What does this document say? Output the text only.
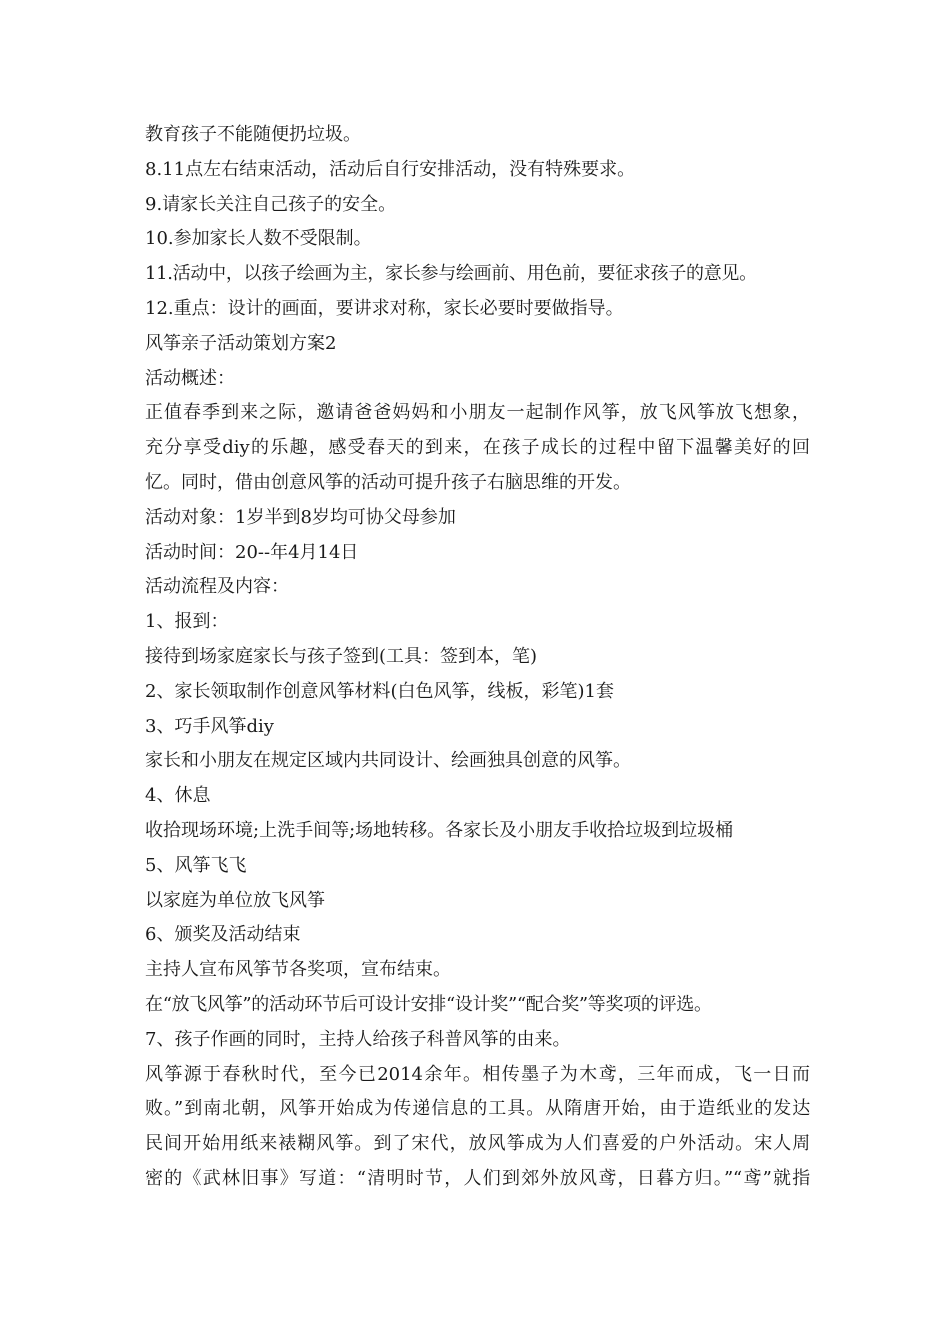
教育孩子不能随便扔垃圾。
8.11点左右结束活动，活动后自行安排活动，没有特殊要求。
9.请家长关注自己孩子的安全。
10.参加家长人数不受限制。
11.活动中，以孩子绘画为主，家长参与绘画前、用色前，要征求孩子的意见。
12.重点：设计的画面，要讲求对称，家长必要时要做指导。
风筝亲子活动策划方案2
活动概述：
正值春季到来之际，邀请爸爸妈妈和小朋友一起制作风筝，放飞风筝放飞想象，
充分享受diy的乐趣，感受春天的到来，在孩子成长的过程中留下温馨美好的回
忆。同时，借由创意风筝的活动可提升孩子右脑思维的开发。
活动对象：1岁半到8岁均可协父母参加
活动时间：20--年4月14日
活动流程及内容：
1、报到：
接待到场家庭家长与孩子签到(工具：签到本，笔)
2、家长领取制作创意风筝材料(白色风筝，线板，彩笔)1套
3、巧手风筝diy
家长和小朋友在规定区域内共同设计、绘画独具创意的风筝。
4、休息
收拾现场环境;上洗手间等;场地转移。各家长及小朋友手收拾垃圾到垃圾桶
5、风筝飞飞
以家庭为单位放飞风筝
6、颁奖及活动结束
主持人宣布风筝节各奖项，宣布结束。
在“放飞风筝”的活动环节后可设计安排“设计奖”“配合奖”等奖项的评选。
7、孩子作画的同时，主持人给孩子科普风筝的由来。
风筝源于春秋时代，至今已2014余年。相传墨子为木鸢，三年而成，飞一日而
败。”到南北朝，风筝开始成为传递信息的工具。从隋唐开始，由于造纸业的发达
民间开始用纸来裱糊风筝。到了宋代，放风筝成为人们喜爱的户外活动。宋人周
密的《武林旧事》写道：“清明时节，人们到郊外放风鸢，日暮方归。”“鸢”就指
